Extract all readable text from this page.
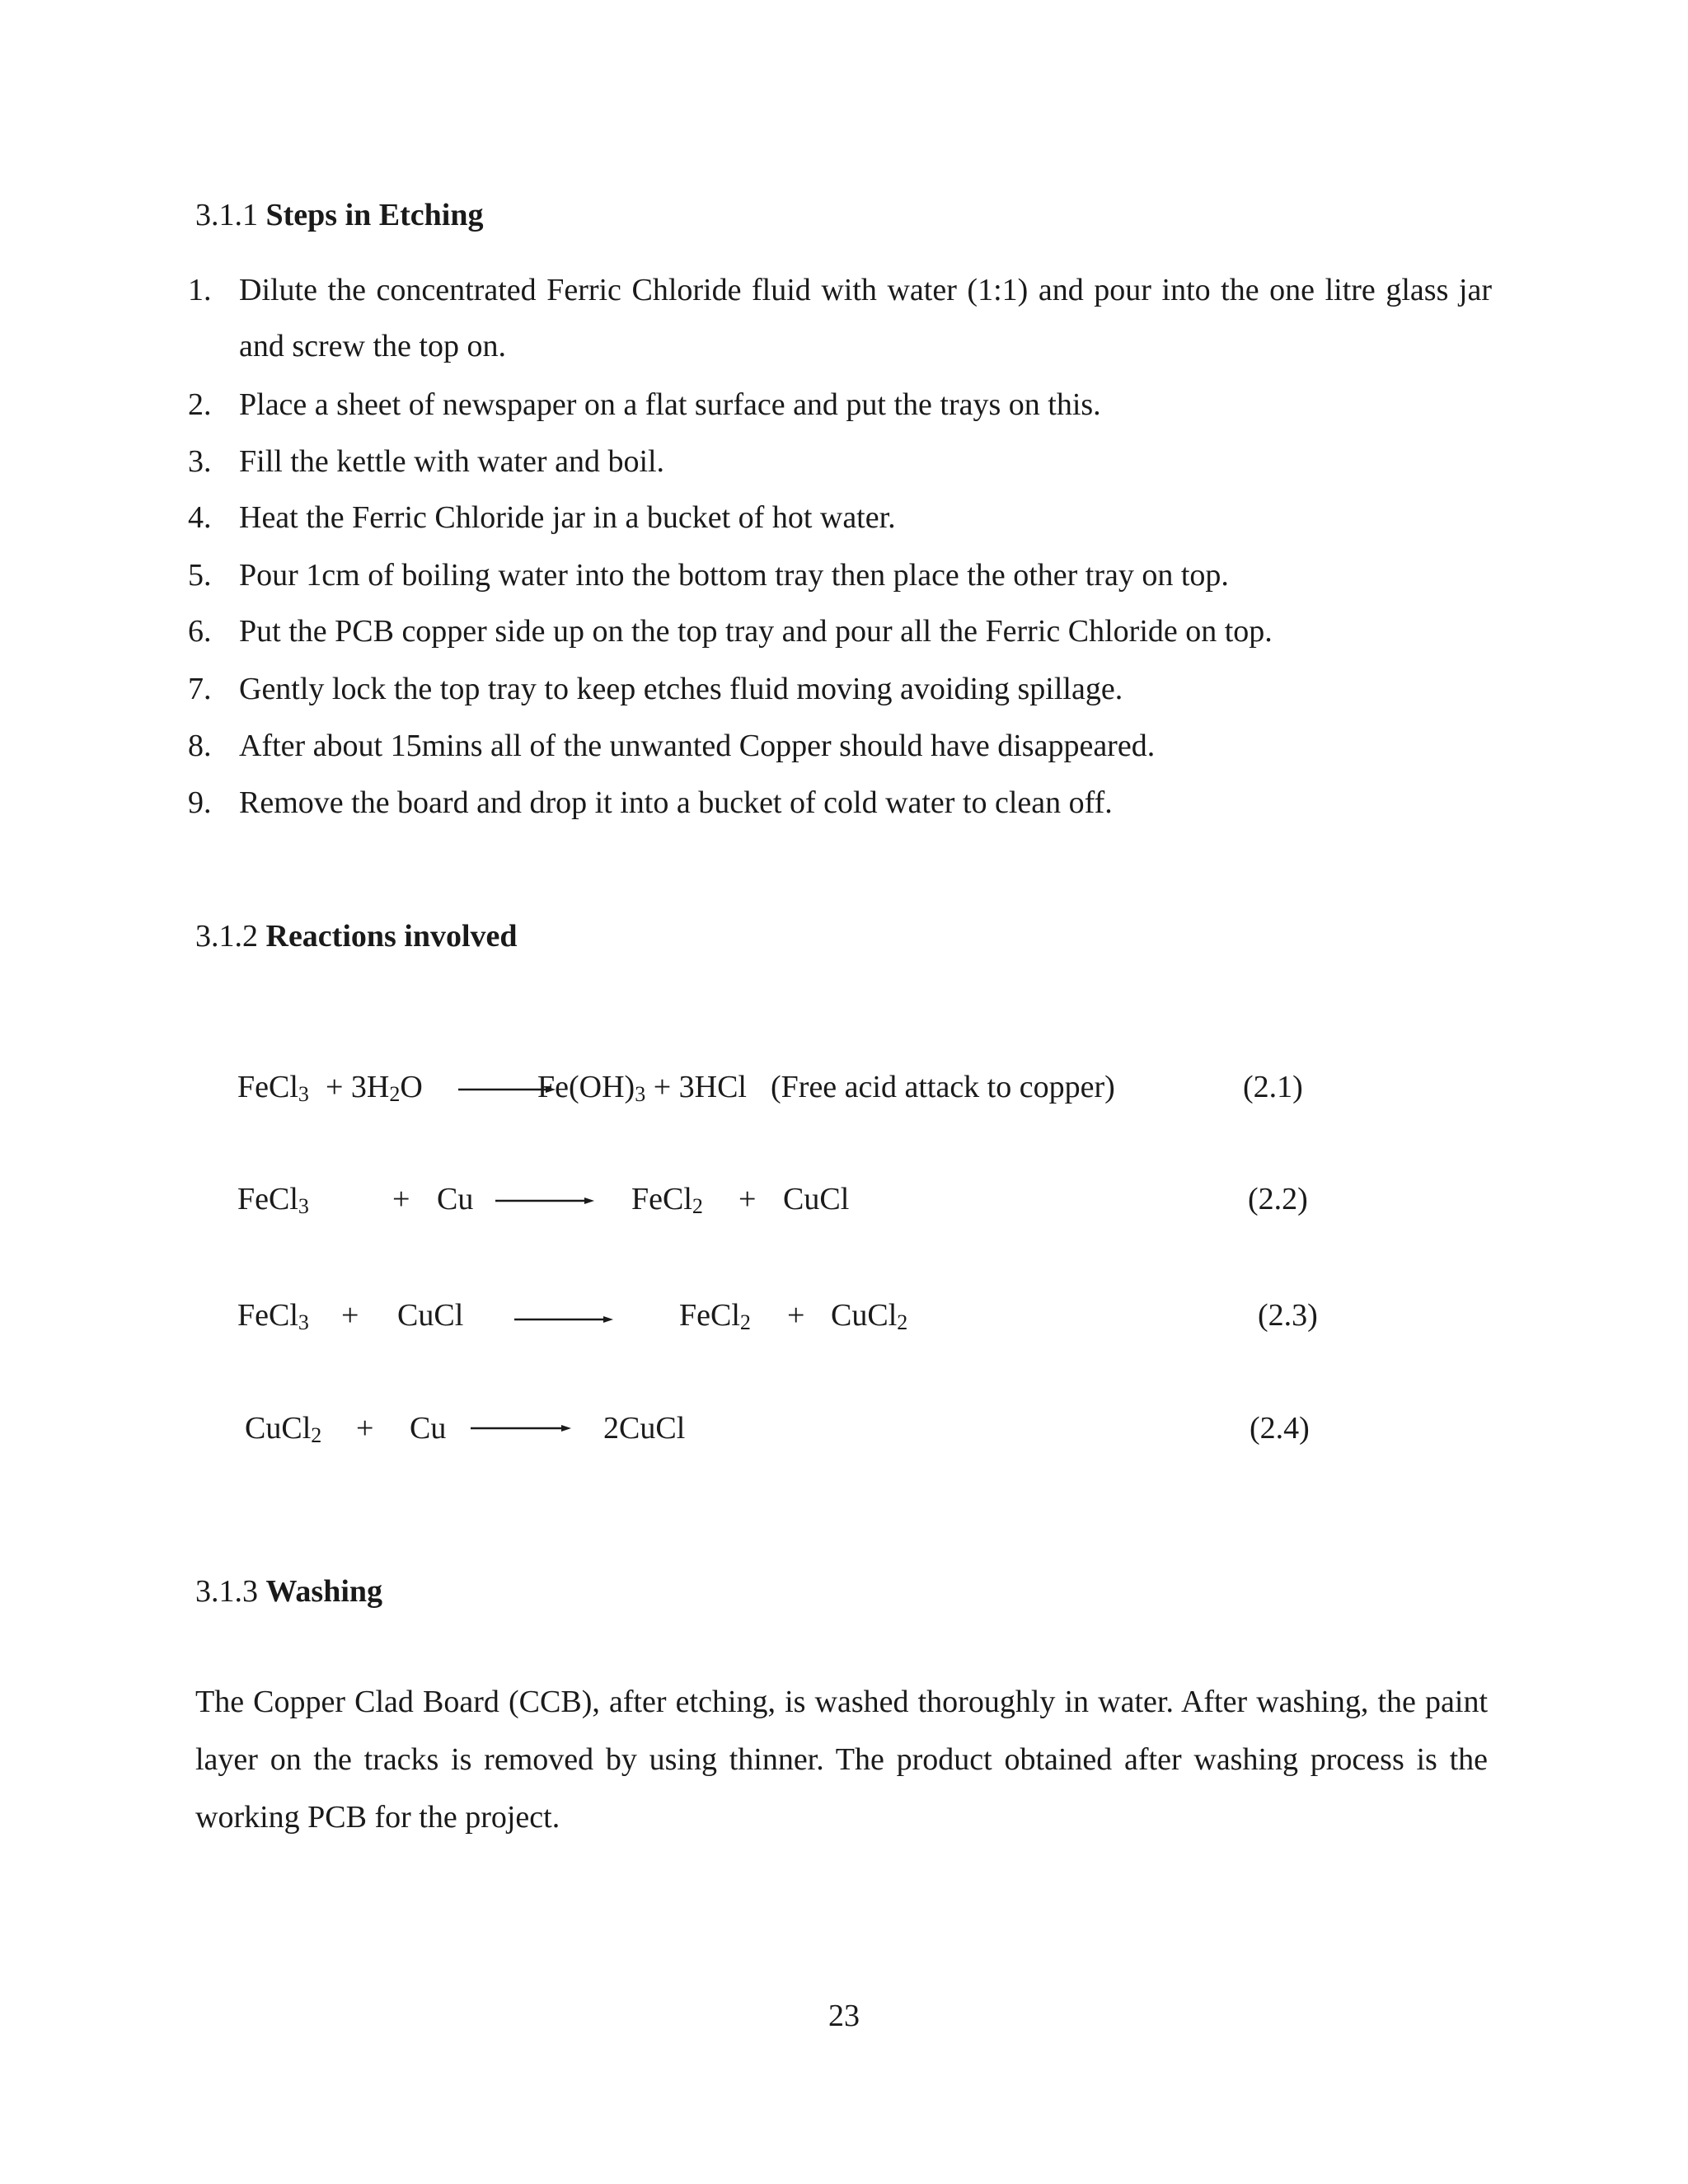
3.1.1 Steps in Etching
1. Dilute the concentrated Ferric Chloride fluid with water (1:1) and pour into the one litre glass jar and screw the top on.
2. Place a sheet of newspaper on a flat surface and put the trays on this.
3. Fill the kettle with water and boil.
4. Heat the Ferric Chloride jar in a bucket of hot water.
5. Pour 1cm of boiling water into the bottom tray then place the other tray on top.
6. Put the PCB copper side up on the top tray and pour all the Ferric Chloride on top.
7. Gently lock the top tray to keep etches fluid moving avoiding spillage.
8. After about 15mins all of the unwanted Copper should have disappeared.
9. Remove the board and drop it into a bucket of cold water to clean off.
3.1.2 Reactions involved
FeCl$_3$ + $3H_2O$	$Fe(OH)_3 + 3HCl$ (Free acid attack to copper)	(2.1)
FeCl$_3$	+ Cu	FeCl$_2$ + CuCl	(2.2)
FeCl$_3$ + CuCl	FeCl$_2$ + CuCl$_2$	(2.3)
CuCl$_2$ + Cu	2CuCl	(2.4)
3.1.3 Washing
The Copper Clad Board (CCB), after etching, is washed thoroughly in water. After washing, the paint layer on the tracks is removed by using thinner. The product obtained after washing process is the working PCB for the project.
23
